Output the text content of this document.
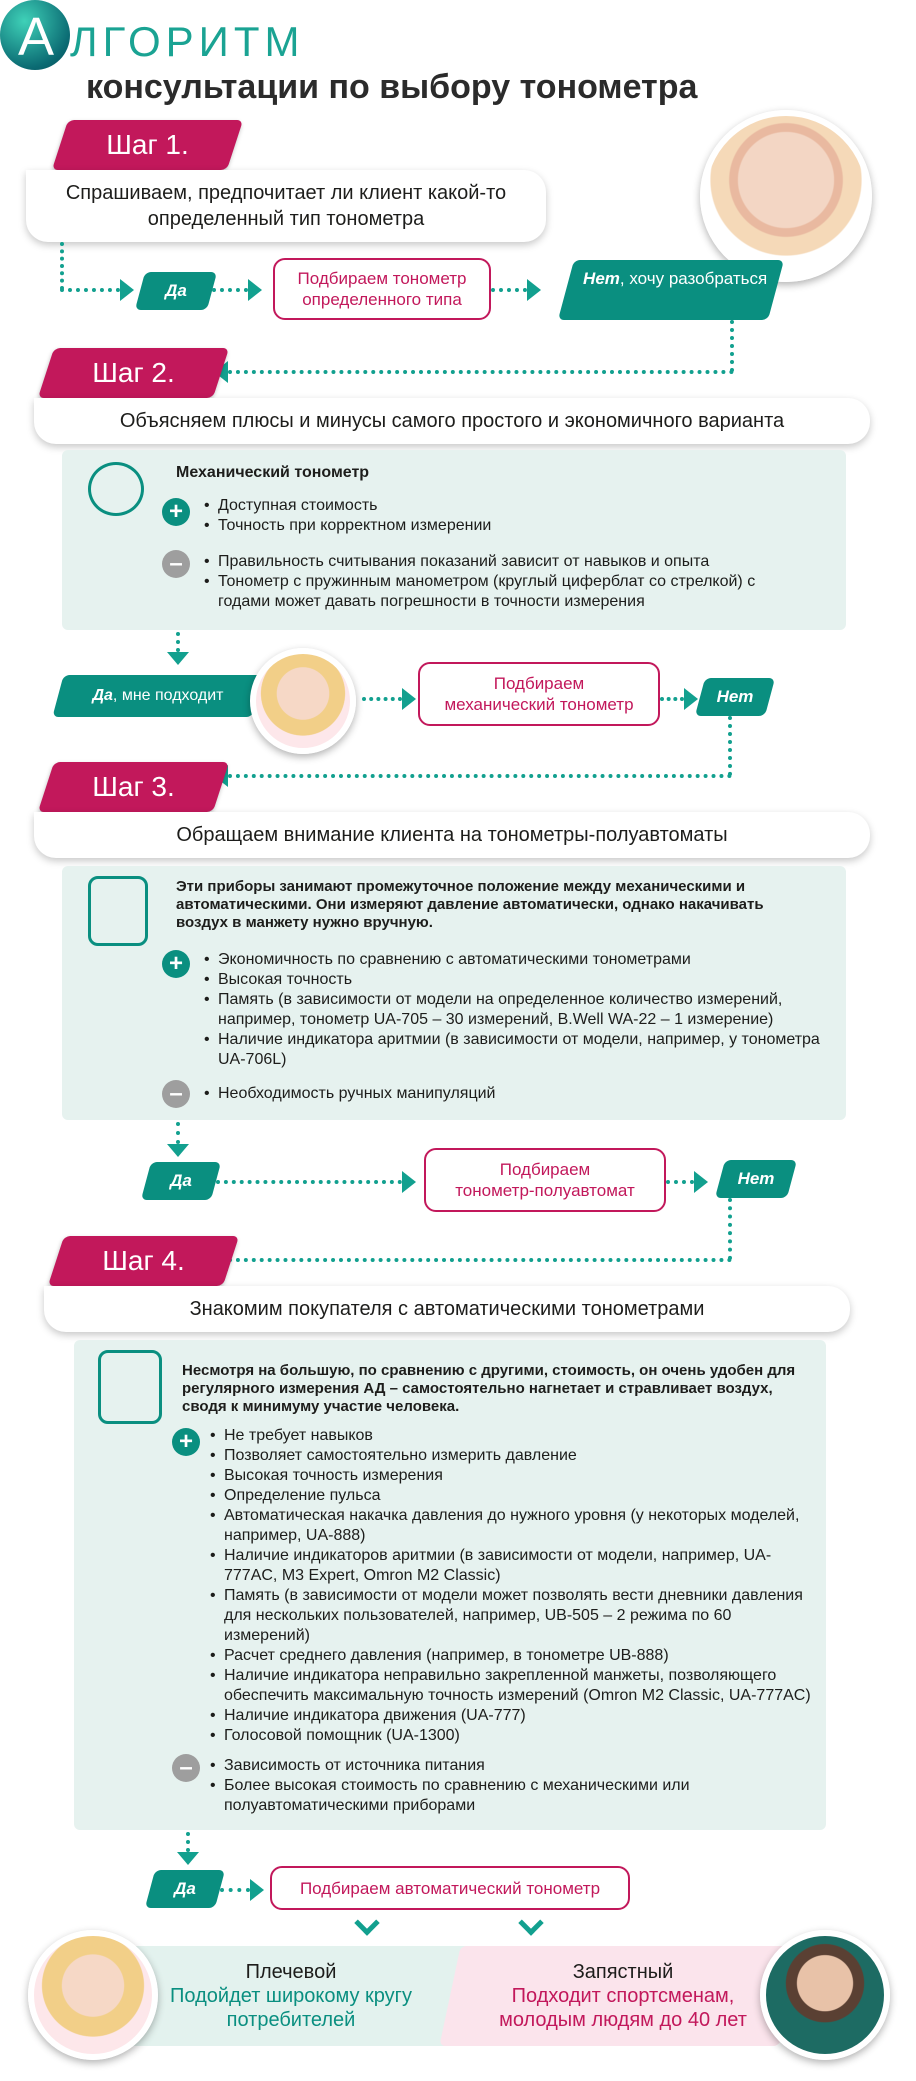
А ЛГОРИТМ
консультации по выбору тонометра
Шаг 1.
Спрашиваем, предпочитает ли клиент какой-то
определенный тип тонометра
Да
Подбираем тонометр
определенного типа
Нет, хочу разобраться
Шаг 2.
Объясняем плюсы и минусы самого простого и экономичного варианта
Механический тонометр
+	• Доступная стоимость
• Точность при корректном измерении
–	• Правильность считывания показаний зависит от навыков и опыта
• Тонометр с пружинным манометром (круглый циферблат со стрелкой) с годами может давать погрешности в точности измерения
Да, мне подходит
Подбираем
механический тонометр	Нет
Шаг 3.
Обращаем внимание клиента на тонометры-полуавтоматы
Эти приборы занимают промежуточное положение между механическими и автоматическими. Они измеряют давление автоматически, однако накачивать воздух в манжету нужно вручную.
+	• Экономичность по сравнению с автоматическими тонометрами
• Высокая точность
• Память (в зависимости от модели на определенное количество измерений, например, тонометр UA-705 – 30 измерений, B.Well WA-22 – 1 измерение)
• Наличие индикатора аритмии (в зависимости от модели, например, у тонометра UA-706L)
–	• Необходимость ручных манипуляций
Да
Подбираем
тонометр-полуавтомат
Нет
Шаг 4.
Знакомим покупателя с автоматическими тонометрами
Несмотря на большую, по сравнению с другими, стоимость, он очень удобен для регулярного измерения АД – самостоятельно нагнетает и стравливает воздух, сводя к минимуму участие человека.
+	• Не требует навыков
• Позволяет самостоятельно измерить давление
• Высокая точность измерения
• Определение пульса
• Автоматическая накачка давления до нужного уровня (у некоторых моделей, например, UA-888)
• Наличие индикаторов аритмии (в зависимости от модели, например, UA-777AC, M3 Expert, Omron M2 Classic)
• Память (в зависимости от модели может позволять вести дневники давления для нескольких пользователей, например, UB-505 – 2 режима по 60 измерений)
• Расчет среднего давления (например, в тонометре UB-888)
• Наличие индикатора неправильно закрепленной манжеты, позволяющего обеспечить максимальную точность измерений (Omron M2 Classic, UA-777AC)
• Наличие индикатора движения (UA-777)
• Голосовой помощник (UA-1300)
–	• Зависимость от источника питания
• Более высокая стоимость по сравнению с механическими или полуавтоматическими приборами
Да	Подбираем автоматический тонометр
Плечевой
Подойдет широкому кругу
потребителей
Запястный
Подходит спортсменам,
молодым людям до 40 лет
